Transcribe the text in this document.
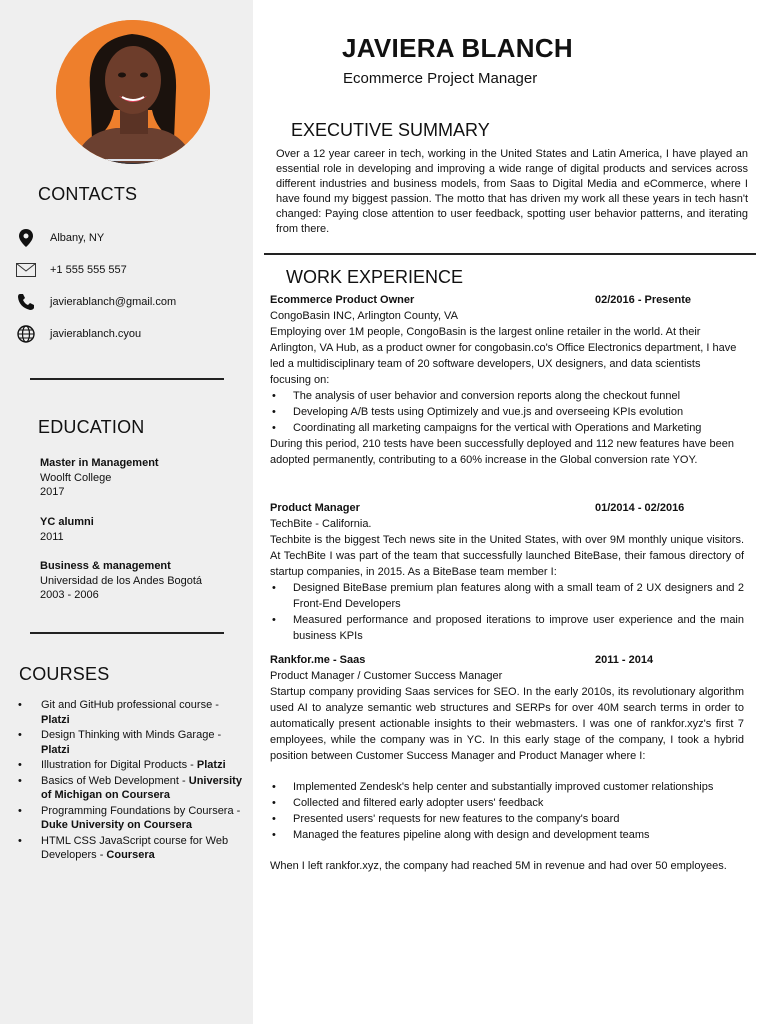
CONTACTS
Albany, NY
+1 555 555 557
javierablanch@gmail.com
javierablanch.cyou
EDUCATION
Master in Management
Woolft College
2017
YC alumni
2011
Business & management
Universidad de los Andes Bogotá
2003 - 2006
COURSES
• Git and GitHub professional course - Platzi
• Design Thinking with Minds Garage - Platzi
• Illustration for Digital Products - Platzi
• Basics of Web Development - University of Michigan on Coursera
• Programming Foundations by Coursera - Duke University on Coursera
• HTML CSS JavaScript course for Web Developers - Coursera
JAVIERA BLANCH
Ecommerce Project Manager
EXECUTIVE SUMMARY
Over a 12 year career in tech, working in the United States and Latin America, I have played an essential role in developing and improving a wide range of digital products and services across different industries and business models, from Saas to Digital Media and eCommerce, where I have found my biggest passion. The motto that has driven my work all these years in tech hasn't changed: Paying close attention to user feedback, spotting user behavior patterns, and iterating from there.
WORK EXPERIENCE
Ecommerce Product Owner	02/2016 - Presente
CongoBasin INC, Arlington County, VA

Employing over 1M people, CongoBasin is the largest online retailer in the world. At their Arlington, VA Hub, as a product owner for congobasin.co's Office Electronics department, I have led a multidisciplinary team of 20 software developers, UX designers, and data scientists focusing on:

• The analysis of user behavior and conversion reports along the checkout funnel
• Developing A/B tests using Optimizely and vue.js and overseeing KPIs evolution
• Coordinating all marketing campaigns for the vertical with Operations and Marketing

During this period, 210 tests have been successfully deployed and 112 new features have been adopted permanently, contributing to a 60% increase in the Global conversion rate YOY.

Product Manager	01/2014 - 02/2016
TechBite - California.

Techbite is the biggest Tech news site in the United States, with over 9M monthly unique visitors. At TechBite I was part of the team that successfully launched BiteBase, their famous directory of startup companies, in 2015. As a BiteBase team member I:

• Designed BiteBase premium plan features along with a small team of 2 UX designers and 2 Front-End Developers
• Measured performance and proposed iterations to improve user experience and the main business KPIs
Rankfor.me - Saas	2011 - 2014
Product Manager / Customer Success Manager

Startup company providing Saas services for SEO. In the early 2010s, its revolutionary algorithm used AI to analyze semantic web structures and SERPs for over 40M search terms in order to automatically present actionable insights to their webmasters. I was one of rankfor.xyz's first 7 employees, while the company was in YC. In this early stage of the company, I took a hybrid position between Customer Success Manager and Product Manager where I:

• Implemented Zendesk's help center and substantially improved customer relationships
• Collected and filtered early adopter users' feedback
• Presented users' requests for new features to the company's board
• Managed the features pipeline along with design and development teams

When I left rankfor.xyz, the company had reached 5M in revenue and had over 50 employees.
